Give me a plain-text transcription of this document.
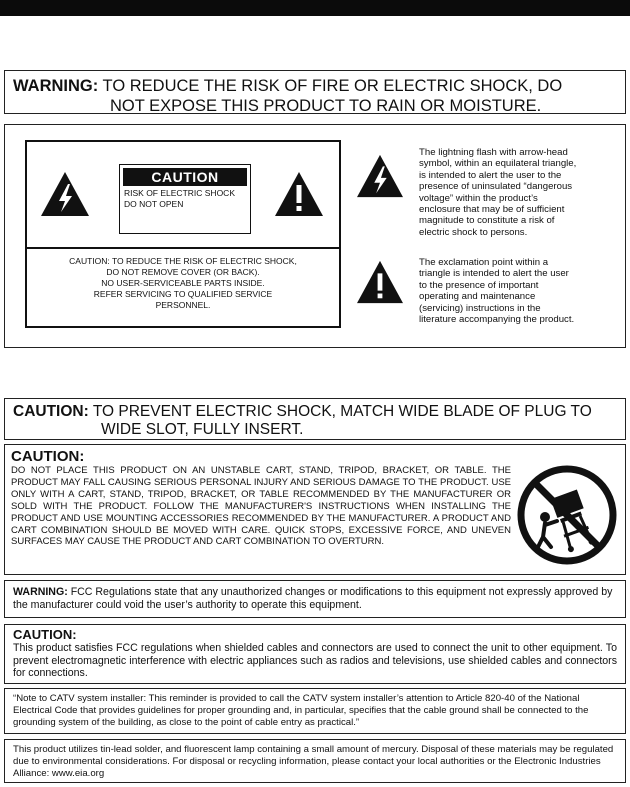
WARNING: TO REDUCE THE RISK OF FIRE OR ELECTRIC SHOCK, DO
NOT EXPOSE THIS PRODUCT TO RAIN OR MOISTURE.
CAUTION
RISK OF ELECTRIC SHOCK
DO NOT OPEN
CAUTION: TO REDUCE THE RISK OF ELECTRIC SHOCK,
DO NOT REMOVE COVER (OR BACK).
NO USER-SERVICEABLE PARTS INSIDE.
REFER SERVICING TO QUALIFIED SERVICE
PERSONNEL.
The lightning flash with arrow-head
symbol, within an equilateral triangle,
is intended to alert the user to the
presence of uninsulated “dangerous
voltage” within the product’s
enclosure that may be of sufficient
magnitude to constitute a risk of
electric shock to persons.
The exclamation point within a
triangle is intended to alert the user
to the presence of important
operating and maintenance
(servicing) instructions in the
literature accompanying the product.
CAUTION: TO PREVENT ELECTRIC SHOCK, MATCH WIDE BLADE OF PLUG TO
WIDE SLOT, FULLY INSERT.
CAUTION:
DO NOT PLACE THIS PRODUCT ON AN UNSTABLE CART, STAND, TRIPOD, BRACKET, OR TABLE. THE PRODUCT MAY FALL CAUSING SERIOUS PERSONAL INJURY AND SERIOUS DAMAGE TO THE PRODUCT. USE ONLY WITH A CART, STAND, TRIPOD, BRACKET, OR TABLE RECOMMENDED BY THE MANUFACTURER OR SOLD WITH THE PRODUCT. FOLLOW THE MANUFACTURER'S INSTRUCTIONS WHEN INSTALLING THE PRODUCT AND USE MOUNTING ACCESSORIES RECOMMENDED BY THE MANUFACTURER. A PRODUCT AND CART COMBINATION SHOULD BE MOVED WITH CARE. QUICK STOPS, EXCESSIVE FORCE, AND UNEVEN SURFACES MAY CAUSE THE PRODUCT AND CART COMBINATION TO OVERTURN.
WARNING: FCC Regulations state that any unauthorized changes or modifications to this equipment not expressly approved by the manufacturer could void the user’s authority to operate this equipment.
CAUTION:
This product satisfies FCC regulations when shielded cables and connectors are used to connect the unit to other equipment. To prevent electromagnetic interference with electric appliances such as radios and televisions, use shielded cables and connectors for connections.
“Note to CATV system installer: This reminder is provided to call the CATV system installer’s attention to Article 820-40 of the National Electrical Code that provides guidelines for proper grounding and, in particular, specifies that the cable ground shall be connected to the grounding system of the building, as close to the point of cable entry as practical.”
This product utilizes tin-lead solder, and fluorescent lamp containing a small amount of mercury. Disposal of these materials may be regulated due to environmental considerations. For disposal or recycling information, please contact your local authorities or the Electronic Industries Alliance: www.eia.org
